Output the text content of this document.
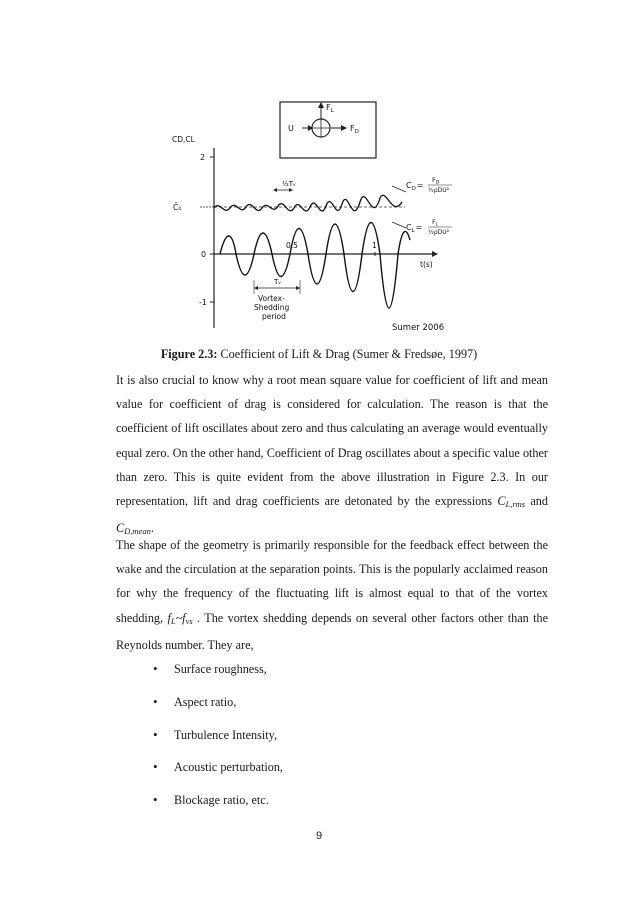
U
$F_L$
$F_D$
CD,CL
2
0
-1
C̄₀
½Tᵥ
0.5	1
t(s)
Tᵥ
Vortex-
Shedding
period
$C_D=$
$F_D$
½ρDU²
$C_L=$
$F_L$
½ρDU²
Sumer 2006
Figure 2.3: Coefficient of Lift & Drag (Sumer & Fredsøe, 1997)

It is also crucial to know why a root mean square value for coefficient of lift and mean value for coefficient of drag is considered for calculation. The reason is that the coefficient of lift oscillates about zero and thus calculating an average would eventually equal zero. On the other hand, Coefficient of Drag oscillates about a specific value other than zero. This is quite evident from the above illustration in Figure 2.3. In our representation, lift and drag coefficients are detonated by the expressions $C_{L,rms}$ and $C_{D,mean}$.

The shape of the geometry is primarily responsible for the feedback effect between the wake and the circulation at the separation points. This is the popularly acclaimed reason for why the frequency of the fluctuating lift is almost equal to that of the vortex shedding, $f_L\sim f_{vs}$ . The vortex shedding depends on several other factors other than the Reynolds number. They are,

• Surface roughness,
• Aspect ratio,
• Turbulence Intensity,
• Acoustic perturbation,
• Blockage ratio, etc.
9
